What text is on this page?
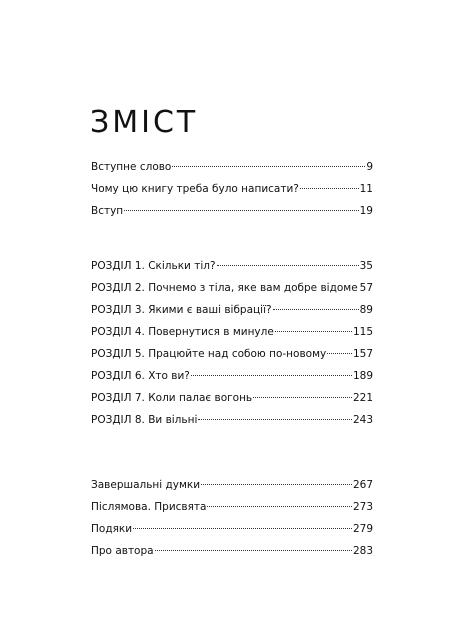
ЗМІСТ
Вступне слово	9
Чому цю книгу треба було написати?	11
Вступ	19
РОЗДІЛ 1. Скільки тіл?	35
РОЗДІЛ 2. Почнемо з тіла, яке вам добре відоме 57
РОЗДІЛ 3. Якими є ваші вібрації?	89
РОЗДІЛ 4. Повернутися в минуле	115
РОЗДІЛ 5. Працюйте над собою по-новому	157
РОЗДІЛ 6. Хто ви?	189
РОЗДІЛ 7. Коли палає вогонь	221
РОЗДІЛ 8. Ви вільні	243
Завершальні думки	267
Післямова. Присвята	273
Подяки	279
Про автора	283
